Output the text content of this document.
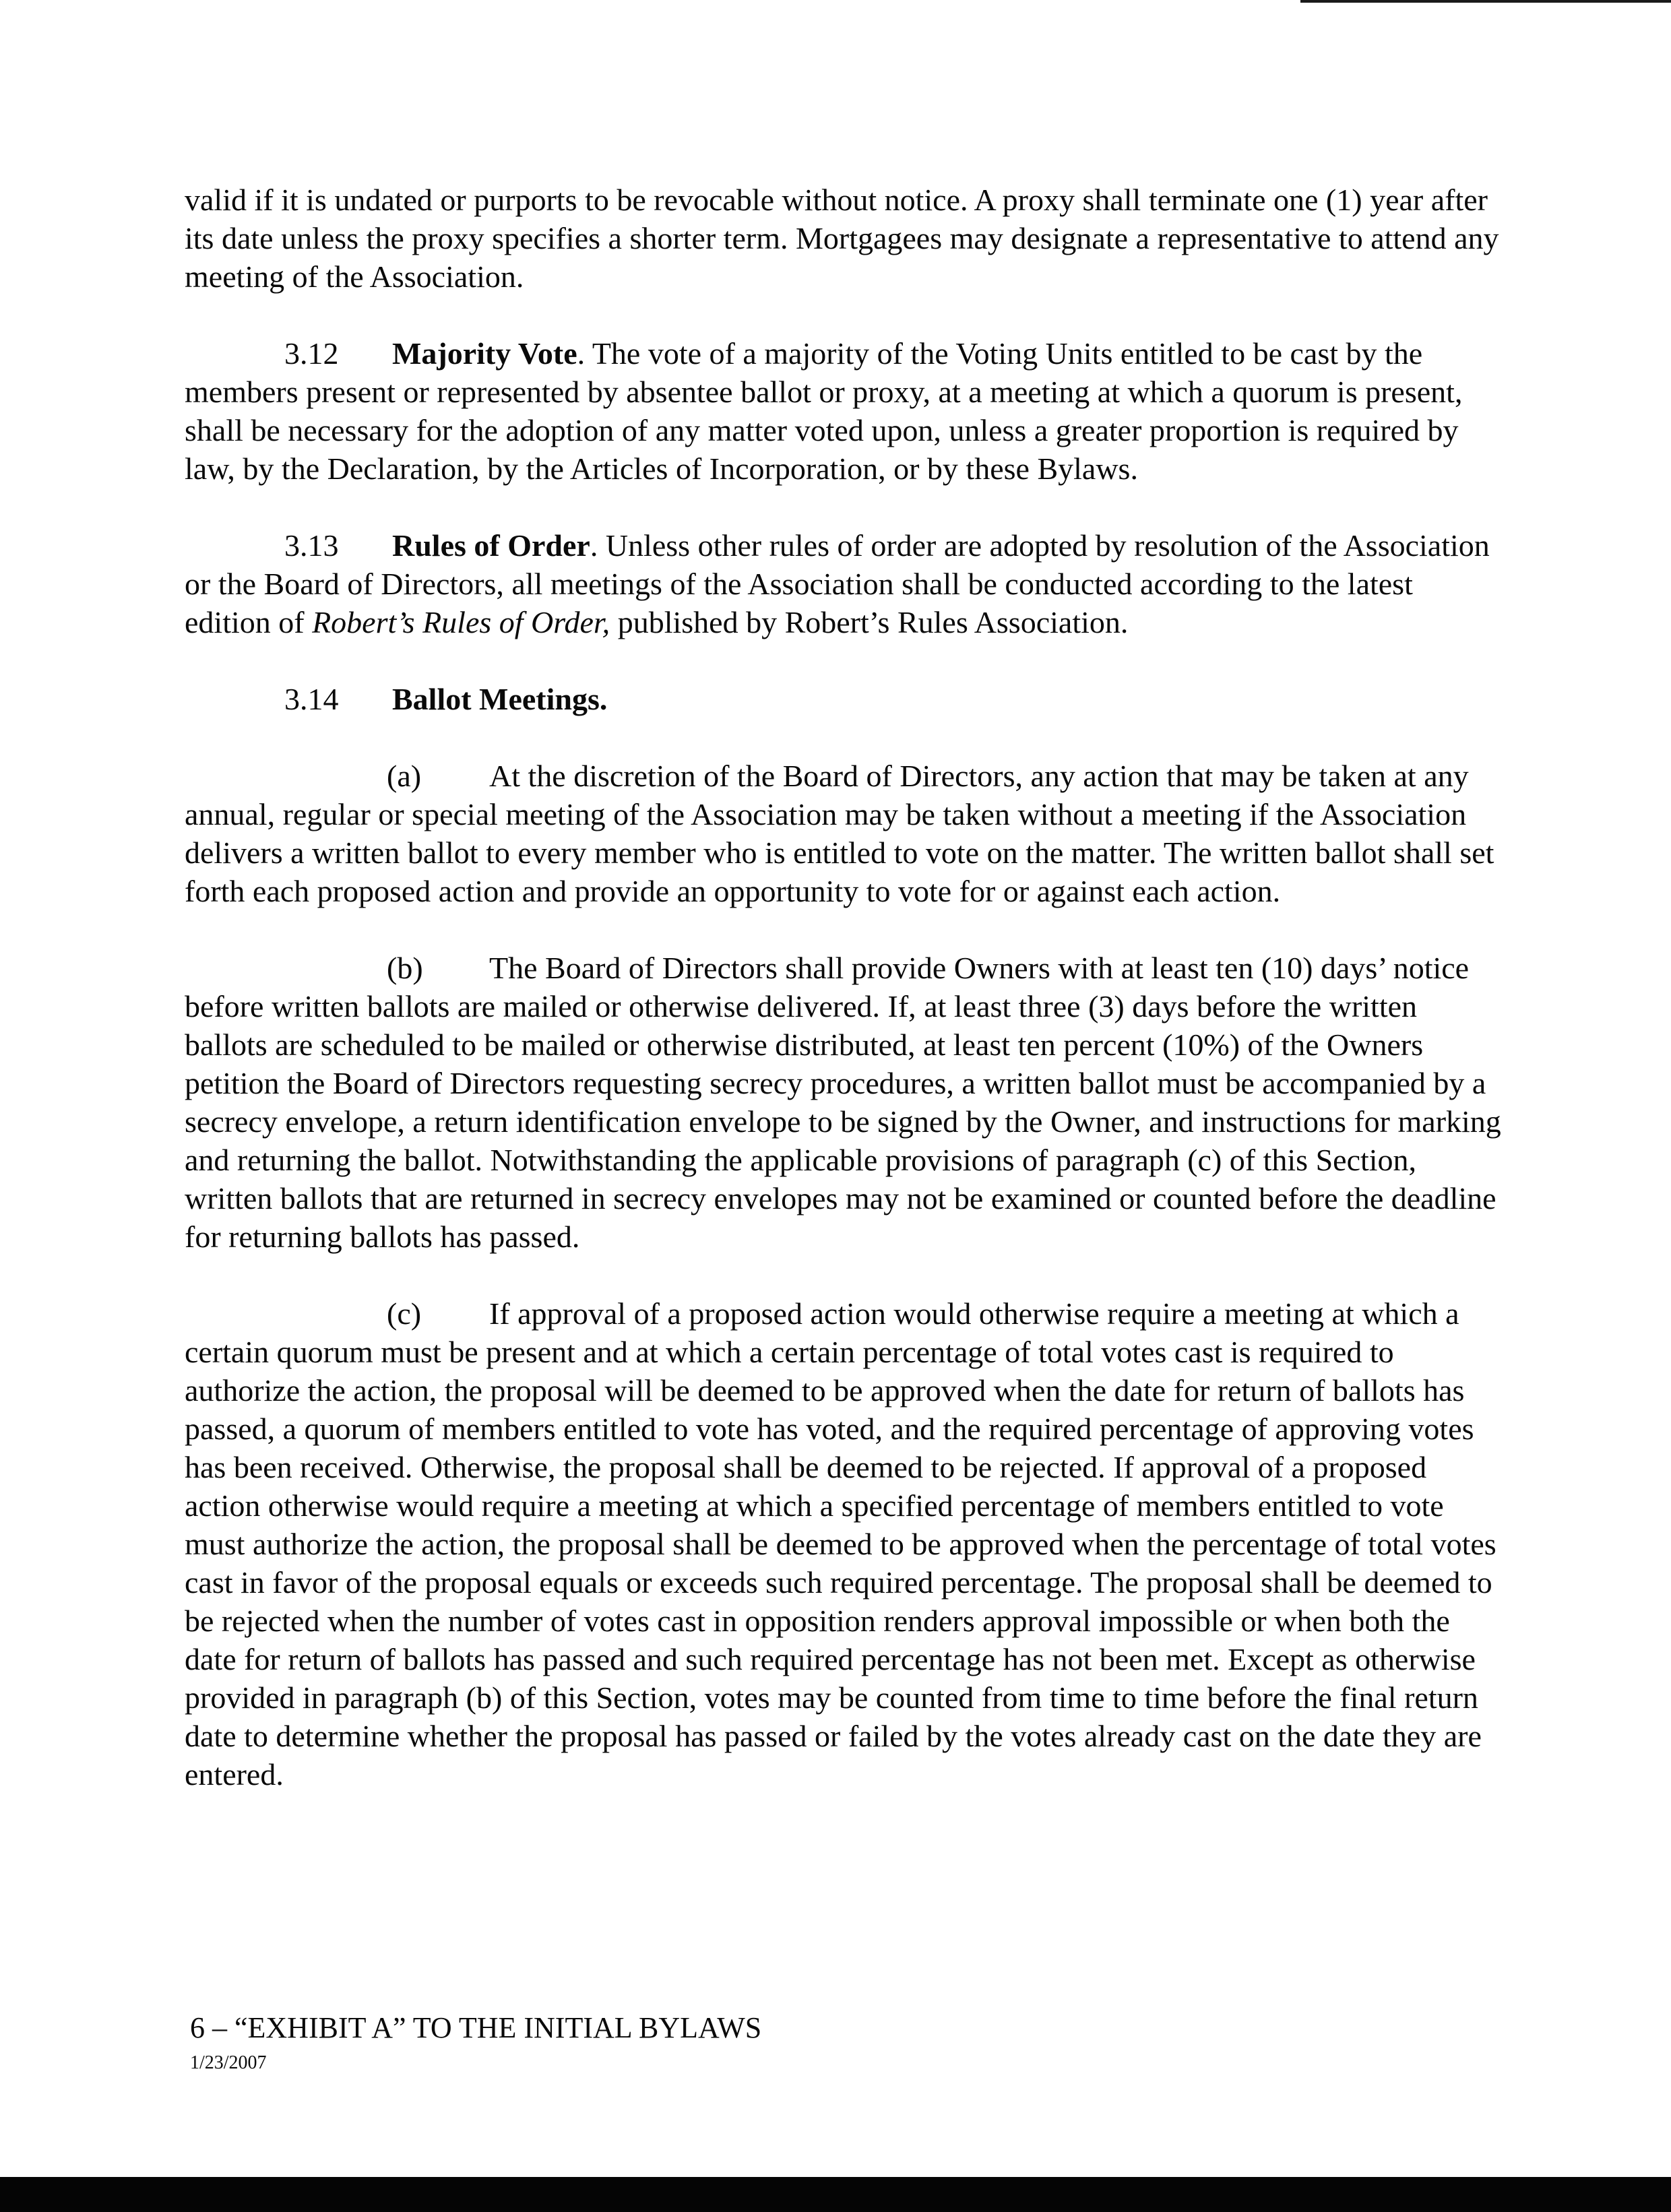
valid if it is undated or purports to be revocable without notice. A proxy shall terminate one (1) year after its date unless the proxy specifies a shorter term. Mortgagees may designate a representative to attend any meeting of the Association.

3.12 Majority Vote. The vote of a majority of the Voting Units entitled to be cast by the members present or represented by absentee ballot or proxy, at a meeting at which a quorum is present, shall be necessary for the adoption of any matter voted upon, unless a greater proportion is required by law, by the Declaration, by the Articles of Incorporation, or by these Bylaws.

3.13 Rules of Order. Unless other rules of order are adopted by resolution of the Association or the Board of Directors, all meetings of the Association shall be conducted according to the latest edition of Robert’s Rules of Order, published by Robert’s Rules Association.

3.14 Ballot Meetings.

(a) At the discretion of the Board of Directors, any action that may be taken at any annual, regular or special meeting of the Association may be taken without a meeting if the Association delivers a written ballot to every member who is entitled to vote on the matter. The written ballot shall set forth each proposed action and provide an opportunity to vote for or against each action.

(b) The Board of Directors shall provide Owners with at least ten (10) days’ notice before written ballots are mailed or otherwise delivered. If, at least three (3) days before the written ballots are scheduled to be mailed or otherwise distributed, at least ten percent (10%) of the Owners petition the Board of Directors requesting secrecy procedures, a written ballot must be accompanied by a secrecy envelope, a return identification envelope to be signed by the Owner, and instructions for marking and returning the ballot. Notwithstanding the applicable provisions of paragraph (c) of this Section, written ballots that are returned in secrecy envelopes may not be examined or counted before the deadline for returning ballots has passed.

(c) If approval of a proposed action would otherwise require a meeting at which a certain quorum must be present and at which a certain percentage of total votes cast is required to authorize the action, the proposal will be deemed to be approved when the date for return of ballots has passed, a quorum of members entitled to vote has voted, and the required percentage of approving votes has been received. Otherwise, the proposal shall be deemed to be rejected. If approval of a proposed action otherwise would require a meeting at which a specified percentage of members entitled to vote must authorize the action, the proposal shall be deemed to be approved when the percentage of total votes cast in favor of the proposal equals or exceeds such required percentage. The proposal shall be deemed to be rejected when the number of votes cast in opposition renders approval impossible or when both the date for return of ballots has passed and such required percentage has not been met. Except as otherwise provided in paragraph (b) of this Section, votes may be counted from time to time before the final return date to determine whether the proposal has passed or failed by the votes already cast on the date they are entered.

6 – “EXHIBIT A” TO THE INITIAL BYLAWS
1/23/2007
